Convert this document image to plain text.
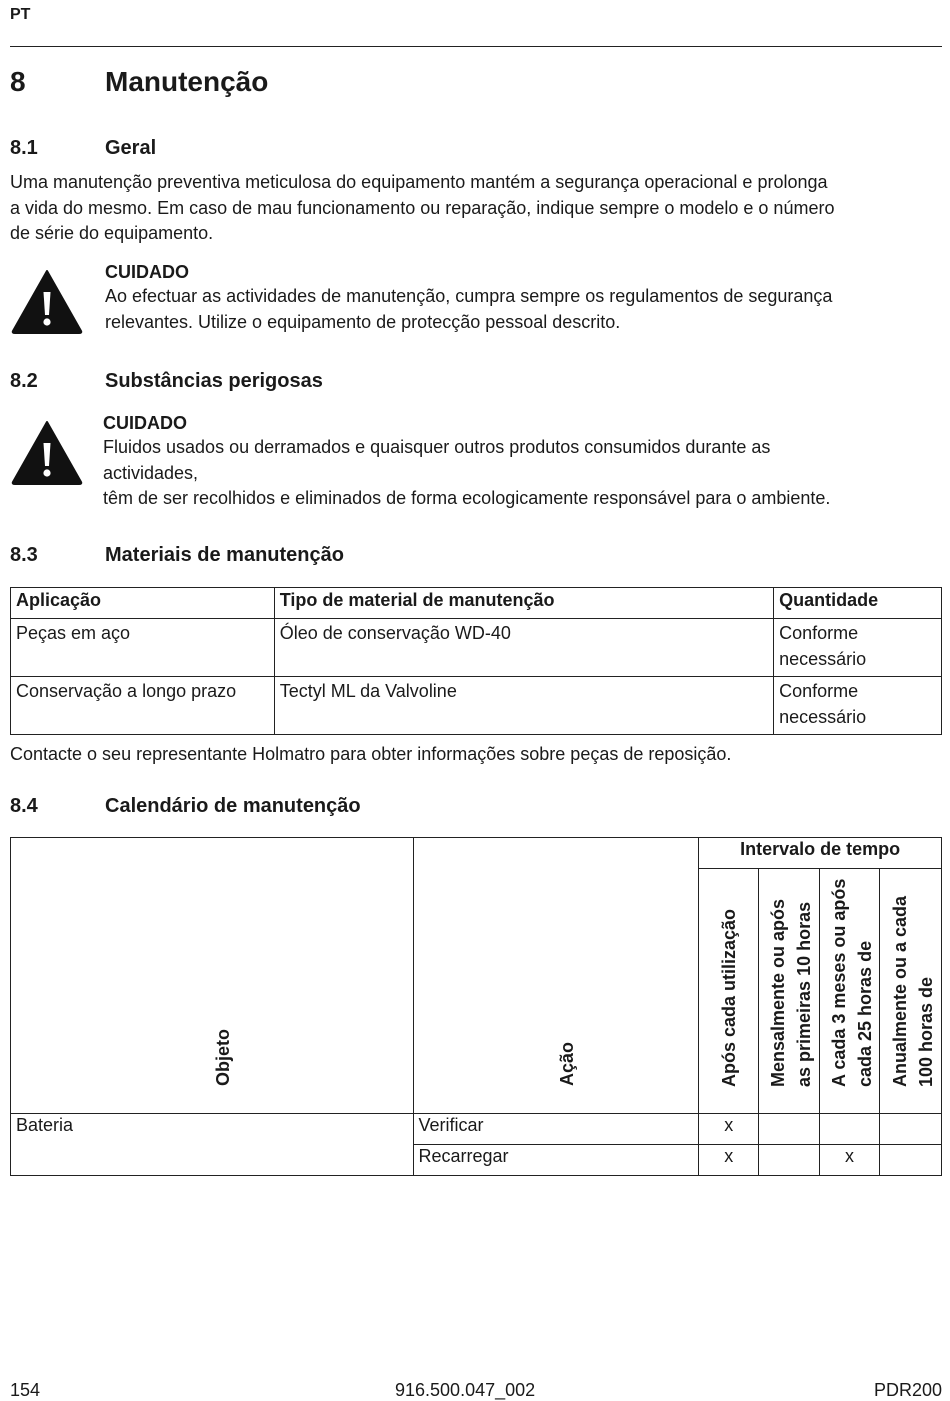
PT
8	Manutenção
8.1	Geral
Uma manutenção preventiva meticulosa do equipamento mantém a segurança operacional e prolonga
a vida do mesmo. Em caso de mau funcionamento ou reparação, indique sempre o modelo e o número
de série do equipamento.
CUIDADO
Ao efectuar as actividades de manutenção, cumpra sempre os regulamentos de segurança
relevantes. Utilize o equipamento de protecção pessoal descrito.
8.2	Substâncias perigosas
CUIDADO
Fluidos usados ou derramados e quaisquer outros produtos consumidos durante as
actividades,
têm de ser recolhidos e eliminados de forma ecologicamente responsável para o ambiente.
8.3	Materiais de manutenção
Aplicação	Tipo de material de manutenção	Quantidade
Peças em aço	Óleo de conservação WD-40	Conforme
necessário

Conservação a longo prazo	Tectyl ML da Valvoline	Conforme
necessário
Contacte o seu representante Holmatro para obter informações sobre peças de reposição.
8.4	Calendário de manutenção
Objeto	Ação	Intervalo de tempo			

		Após cada utilização	Mensalmente ou após as primeiras 10 horas	A cada 3 meses ou após cada 25 horas de	Anualmente ou a cada 100 horas de

Bateria	Verificar	x			
	Recarregar	x		x	
154	916.500.047_002	PDR200
